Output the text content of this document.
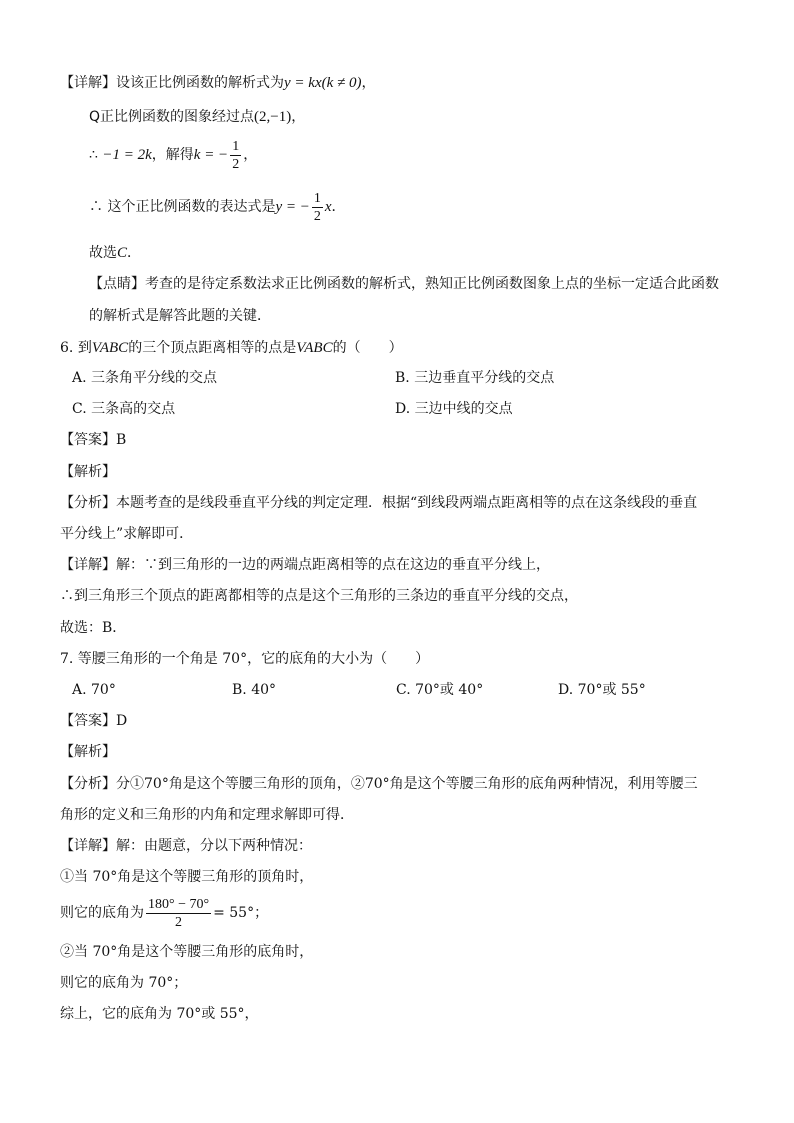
【详解】设该正比例函数的解析式为y = kx(k ≠ 0)，
Q正比例函数的图象经过点(2,−1)，
∴ −1 = 2k，解得k = − $\frac{1}{2}$ ，
∴ 这个正比例函数的表达式是y = − $\frac{1}{2}$ x．
故选C．
【点睛】考查的是待定系数法求正比例函数的解析式，熟知正比例函数图象上点的坐标一定适合此函数
的解析式是解答此题的关键．
6. 到VABC的三个顶点距离相等的点是VABC的（　　）
A. 三条角平分线的交点	B. 三边垂直平分线的交点
C. 三条高的交点	D. 三边中线的交点
【答案】B
【解析】
【分析】本题考查的是线段垂直平分线的判定定理．根据“到线段两端点距离相等的点在这条线段的垂直
平分线上”求解即可．
【详解】解：∵到三角形的一边的两端点距离相等的点在这边的垂直平分线上，
∴到三角形三个顶点的距离都相等的点是这个三角形的三条边的垂直平分线的交点，
故选：B．
7. 等腰三角形的一个角是 70°，它的底角的大小为（　　）
A. 70°	B. 40°	C. 70°或 40°	D. 70°或 55°
【答案】D
【解析】
【分析】分①70°角是这个等腰三角形的顶角，②70°角是这个等腰三角形的底角两种情况，利用等腰三
角形的定义和三角形的内角和定理求解即可得．
【详解】解：由题意，分以下两种情况：
①当 70°角是这个等腰三角形的顶角时，
则它的底角为 $\frac{180^\circ - 70^\circ}{2} = 55^\circ$；
②当 70°角是这个等腰三角形的底角时，
则它的底角为 70°；
综上，它的底角为 70°或 55°，
